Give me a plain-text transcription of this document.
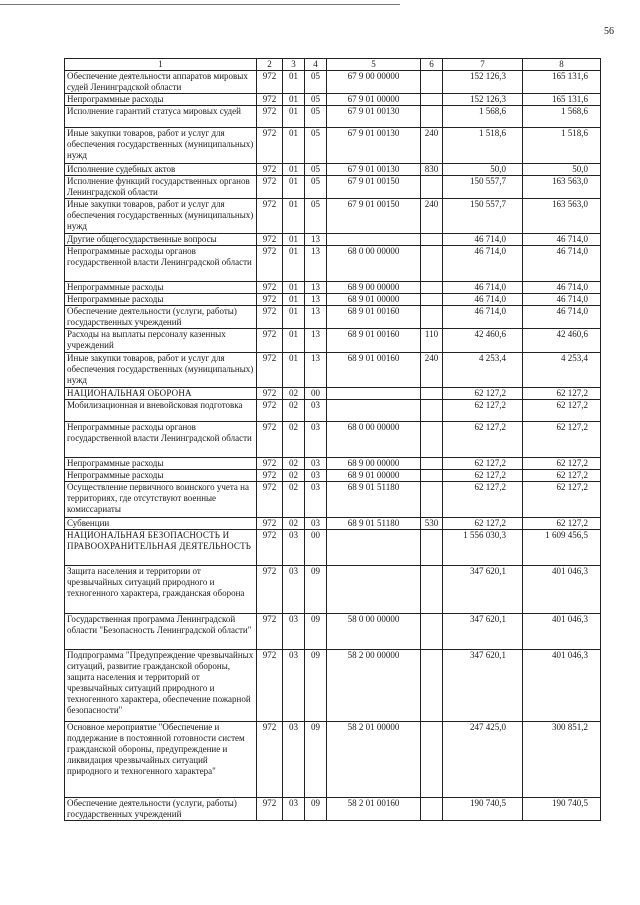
56
1	2	3	4	5	6	7	8
Обеспечение деятельности аппаратов мировых судей Ленинградской области	972	01	05	67 9 00 00000		152 126,3	165 131,6
Непрограммные расходы	972	01	05	67 9 01 00000		152 126,3	165 131,6
Исполнение гарантий статуса мировых судей	972	01	05	67 9 01 00130		1 568,6	1 568,6
Иные закупки товаров, работ и услуг для обеспечения государственных (муниципальных) нужд	972	01	05	67 9 01 00130	240	1 518,6	1 518,6
Исполнение судебных актов	972	01	05	67 9 01 00130	830	50,0	50,0
Исполнение функций государственных органов Ленинградской области	972	01	05	67 9 01 00150		150 557,7	163 563,0
Иные закупки товаров, работ и услуг для обеспечения государственных (муниципальных) нужд	972	01	05	67 9 01 00150	240	150 557,7	163 563,0
Другие общегосударственные вопросы	972	01	13			46 714,0	46 714,0
Непрограммные расходы органов государственной власти Ленинградской области	972	01	13	68 0 00 00000		46 714,0	46 714,0
Непрограммные расходы	972	01	13	68 9 00 00000		46 714,0	46 714,0
Непрограммные расходы	972	01	13	68 9 01 00000		46 714,0	46 714,0
Обеспечение деятельности (услуги, работы) государственных учреждений	972	01	13	68 9 01 00160		46 714,0	46 714,0
Расходы на выплаты персоналу казенных учреждений	972	01	13	68 9 01 00160	110	42 460,6	42 460,6
Иные закупки товаров, работ и услуг для обеспечения государственных (муниципальных) нужд	972	01	13	68 9 01 00160	240	4 253,4	4 253,4
НАЦИОНАЛЬНАЯ ОБОРОНА	972	02	00			62 127,2	62 127,2
Мобилизационная и вневойсковая подготовка	972	02	03			62 127,2	62 127,2
Непрограммные расходы органов государственной власти Ленинградской области	972	02	03	68 0 00 00000		62 127,2	62 127,2
Непрограммные расходы	972	02	03	68 9 00 00000		62 127,2	62 127,2
Непрограммные расходы	972	02	03	68 9 01 00000		62 127,2	62 127,2
Осуществление первичного воинского учета на территориях, где отсутствуют военные комиссариаты	972	02	03	68 9 01 51180		62 127,2	62 127,2
Субвенции	972	02	03	68 9 01 51180	530	62 127,2	62 127,2
НАЦИОНАЛЬНАЯ БЕЗОПАСНОСТЬ И ПРАВООХРАНИТЕЛЬНАЯ ДЕЯТЕЛЬНОСТЬ	972	03	00			1 556 030,3	1 609 456,5
Защита населения и территории от чрезвычайных ситуаций природного и техногенного характера, гражданская оборона	972	03	09			347 620,1	401 046,3
Государственная программа Ленинградской области "Безопасность Ленинградской области"	972	03	09	58 0 00 00000		347 620,1	401 046,3
Подпрограмма "Предупреждение чрезвычайных ситуаций, развитие гражданской обороны, защита населения и территорий от чрезвычайных ситуаций природного и техногенного характера, обеспечение пожарной безопасности"	972	03	09	58 2 00 00000		347 620,1	401 046,3
Основное мероприятие "Обеспечение и поддержание в постоянной готовности систем гражданской обороны, предупреждение и ликвидация чрезвычайных ситуаций природного и техногенного характера"	972	03	09	58 2 01 00000		247 425,0	300 851,2
Обеспечение деятельности (услуги, работы) государственных учреждений	972	03	09	58 2 01 00160		190 740,5	190 740,5
